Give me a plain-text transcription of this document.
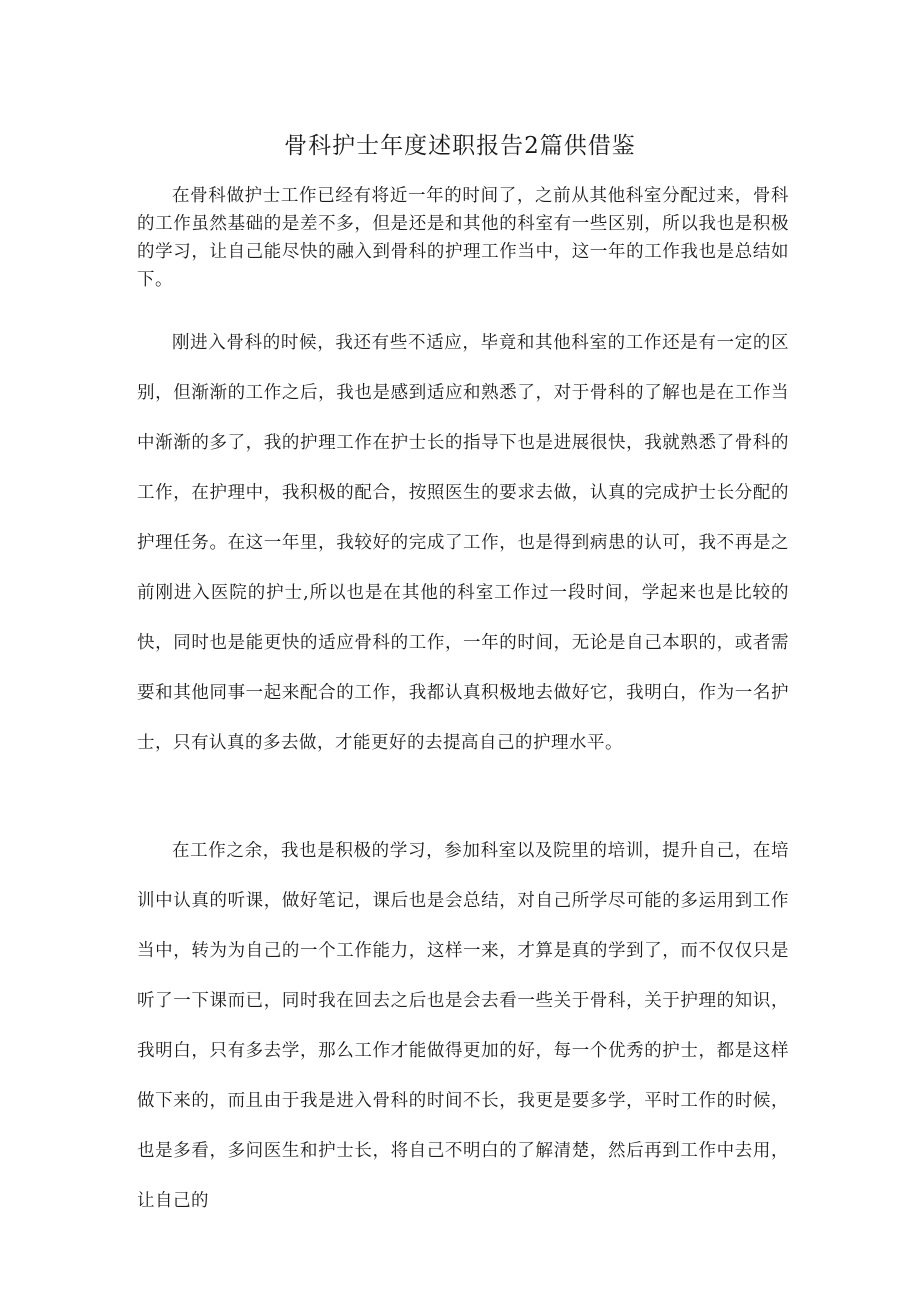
骨科护士年度述职报告2篇供借鉴

在骨科做护士工作已经有将近一年的时间了，之前从其他科室分配过来，骨科的工作虽然基础的是差不多，但是还是和其他的科室有一些区别，所以我也是积极的学习，让自己能尽快的融入到骨科的护理工作当中，这一年的工作我也是总结如下。

刚进入骨科的时候，我还有些不适应，毕竟和其他科室的工作还是有一定的区别，但渐渐的工作之后，我也是感到适应和熟悉了，对于骨科的了解也是在工作当中渐渐的多了，我的护理工作在护士长的指导下也是进展很快，我就熟悉了骨科的工作，在护理中，我积极的配合，按照医生的要求去做，认真的完成护士长分配的护理任务。在这一年里，我较好的完成了工作，也是得到病患的认可，我不再是之前刚进入医院的护士,所以也是在其他的科室工作过一段时间，学起来也是比较的快，同时也是能更快的适应骨科的工作，一年的时间，无论是自己本职的，或者需要和其他同事一起来配合的工作，我都认真积极地去做好它，我明白，作为一名护士，只有认真的多去做，才能更好的去提高自己的护理水平。

在工作之余，我也是积极的学习，参加科室以及院里的培训，提升自己，在培训中认真的听课，做好笔记，课后也是会总结，对自己所学尽可能的多运用到工作当中，转为为自己的一个工作能力，这样一来，才算是真的学到了，而不仅仅只是听了一下课而已，同时我在回去之后也是会去看一些关于骨科，关于护理的知识，我明白，只有多去学，那么工作才能做得更加的好，每一个优秀的护士，都是这样做下来的，而且由于我是进入骨科的时间不长，我更是要多学，平时工作的时候，也是多看，多问医生和护士长，将自己不明白的了解清楚，然后再到工作中去用，让自己的
